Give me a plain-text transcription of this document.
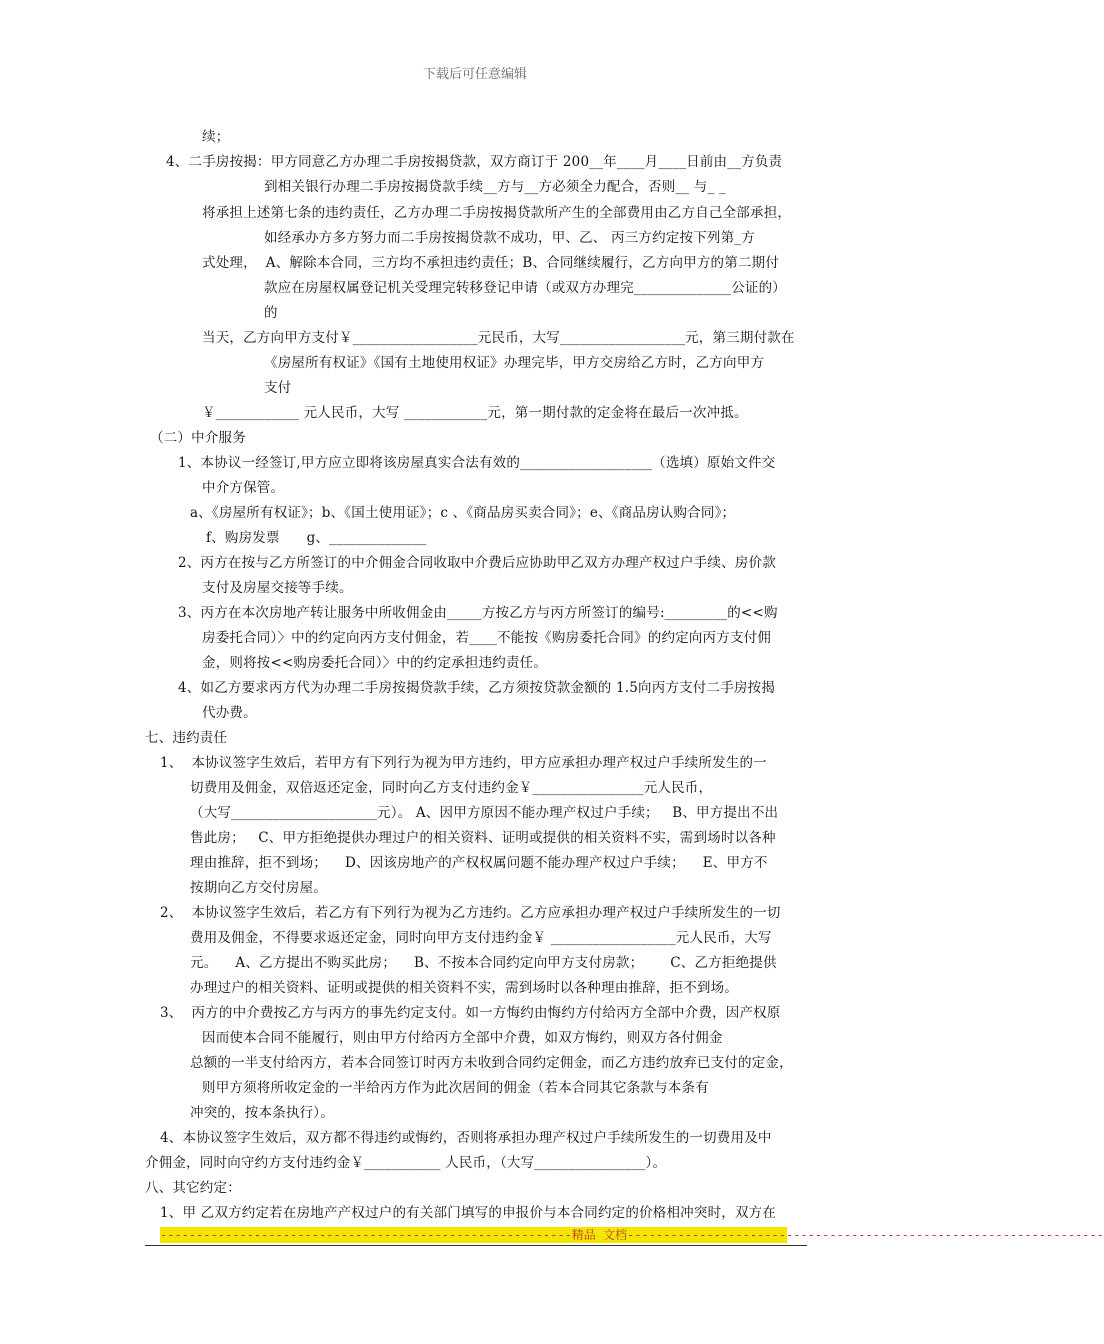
下载后可任意编辑
续；
4、二手房按揭：甲方同意乙方办理二手房按揭贷款，双方商订于 200__年____月____日前由__方负责
到相关银行办理二手房按揭贷款手续__方与__方必须全力配合，否则__ 与_ _
将承担上述第七条的违约责任，乙方办理二手房按揭贷款所产生的全部费用由乙方自己全部承担，
如经承办方多方努力而二手房按揭贷款不成功，甲、乙、 丙三方约定按下列第_方
式处理，  A、解除本合同，三方均不承担违约责任；B、合同继续履行，乙方向甲方的第二期付
款应在房屋权属登记机关受理完转移登记申请（或双方办理完______________公证的）
的
当天，乙方向甲方支付￥__________________元民币，大写__________________元，第三期付款在
《房屋所有权证》《国有土地使用权证》办理完毕，甲方交房给乙方时，乙方向甲方
支付
￥____________ 元人民币，大写 ____________元，第一期付款的定金将在最后一次冲抵。
（二）中介服务
1、本协议一经签订,甲方应立即将该房屋真实合法有效的___________________（选填）原始文件交
中介方保管。
a、《房屋所有权证》；b、《国土使用证》；c 、《商品房买卖合同》；e、《商品房认购合同》；
f、购房发票      g、______________
2、丙方在按与乙方所签订的中介佣金合同收取中介费后应协助甲乙双方办理产权过户手续、房价款
支付及房屋交接等手续。
3、丙方在本次房地产转让服务中所收佣金由_____方按乙方与丙方所签订的编号:_________的<<购
房委托合同）〉中的约定向丙方支付佣金，若____不能按《购房委托合同》的约定向丙方支付佣
金，则将按<<购房委托合同）〉中的约定承担违约责任。
4、如乙方要求丙方代为办理二手房按揭贷款手续，乙方须按贷款金额的 1.5向丙方支付二手房按揭
代办费。
七、违约责任
1、  本协议签字生效后，若甲方有下列行为视为甲方违约，甲方应承担办理产权过户手续所发生的一
切费用及佣金，双倍返还定金，同时向乙方支付违约金￥________________元人民币，
（大写_____________________元）。 A、因甲方原因不能办理产权过户手续；   B、甲方提出不出
售此房；   C、甲方拒绝提供办理过户的相关资料、证明或提供的相关资料不实，需到场时以各种
理由推辞，拒不到场；    D、因该房地产的产权权属问题不能办理产权过户手续；    E、甲方不
按期向乙方交付房屋。
2、  本协议签字生效后，若乙方有下列行为视为乙方违约。乙方应承担办理产权过户手续所发生的一切
费用及佣金，不得要求返还定金，同时向甲方支付违约金￥ __________________元人民币，大写
元。    A、乙方提出不购买此房；    B、不按本合同约定向甲方支付房款；      C、乙方拒绝提供
办理过户的相关资料、证明或提供的相关资料不实，需到场时以各种理由推辞，拒不到场。
3、  丙方的中介费按乙方与丙方的事先约定支付。如一方悔约由悔约方付给丙方全部中介费，因产权原
因而使本合同不能履行，则由甲方付给丙方全部中介费，如双方悔约，则双方各付佣金
总额的一半支付给丙方，若本合同签订时丙方未收到合同约定佣金，而乙方违约放弃已支付的定金，
则甲方须将所收定金的一半给丙方作为此次居间的佣金（若本合同其它条款与本条有
冲突的，按本条执行）。
4、本协议签字生效后，双方都不得违约或悔约，否则将承担办理产权过户手续所发生的一切费用及中
介佣金，同时向守约方支付违约金￥___________ 人民币，（大写________________）。
八、其它约定：
1、甲 乙双方约定若在房地产产权过户的有关部门填写的申报价与本合同约定的价格相冲突时，双方在
---------------------------------------------------------精品 文档------------------------------------------------------------------
